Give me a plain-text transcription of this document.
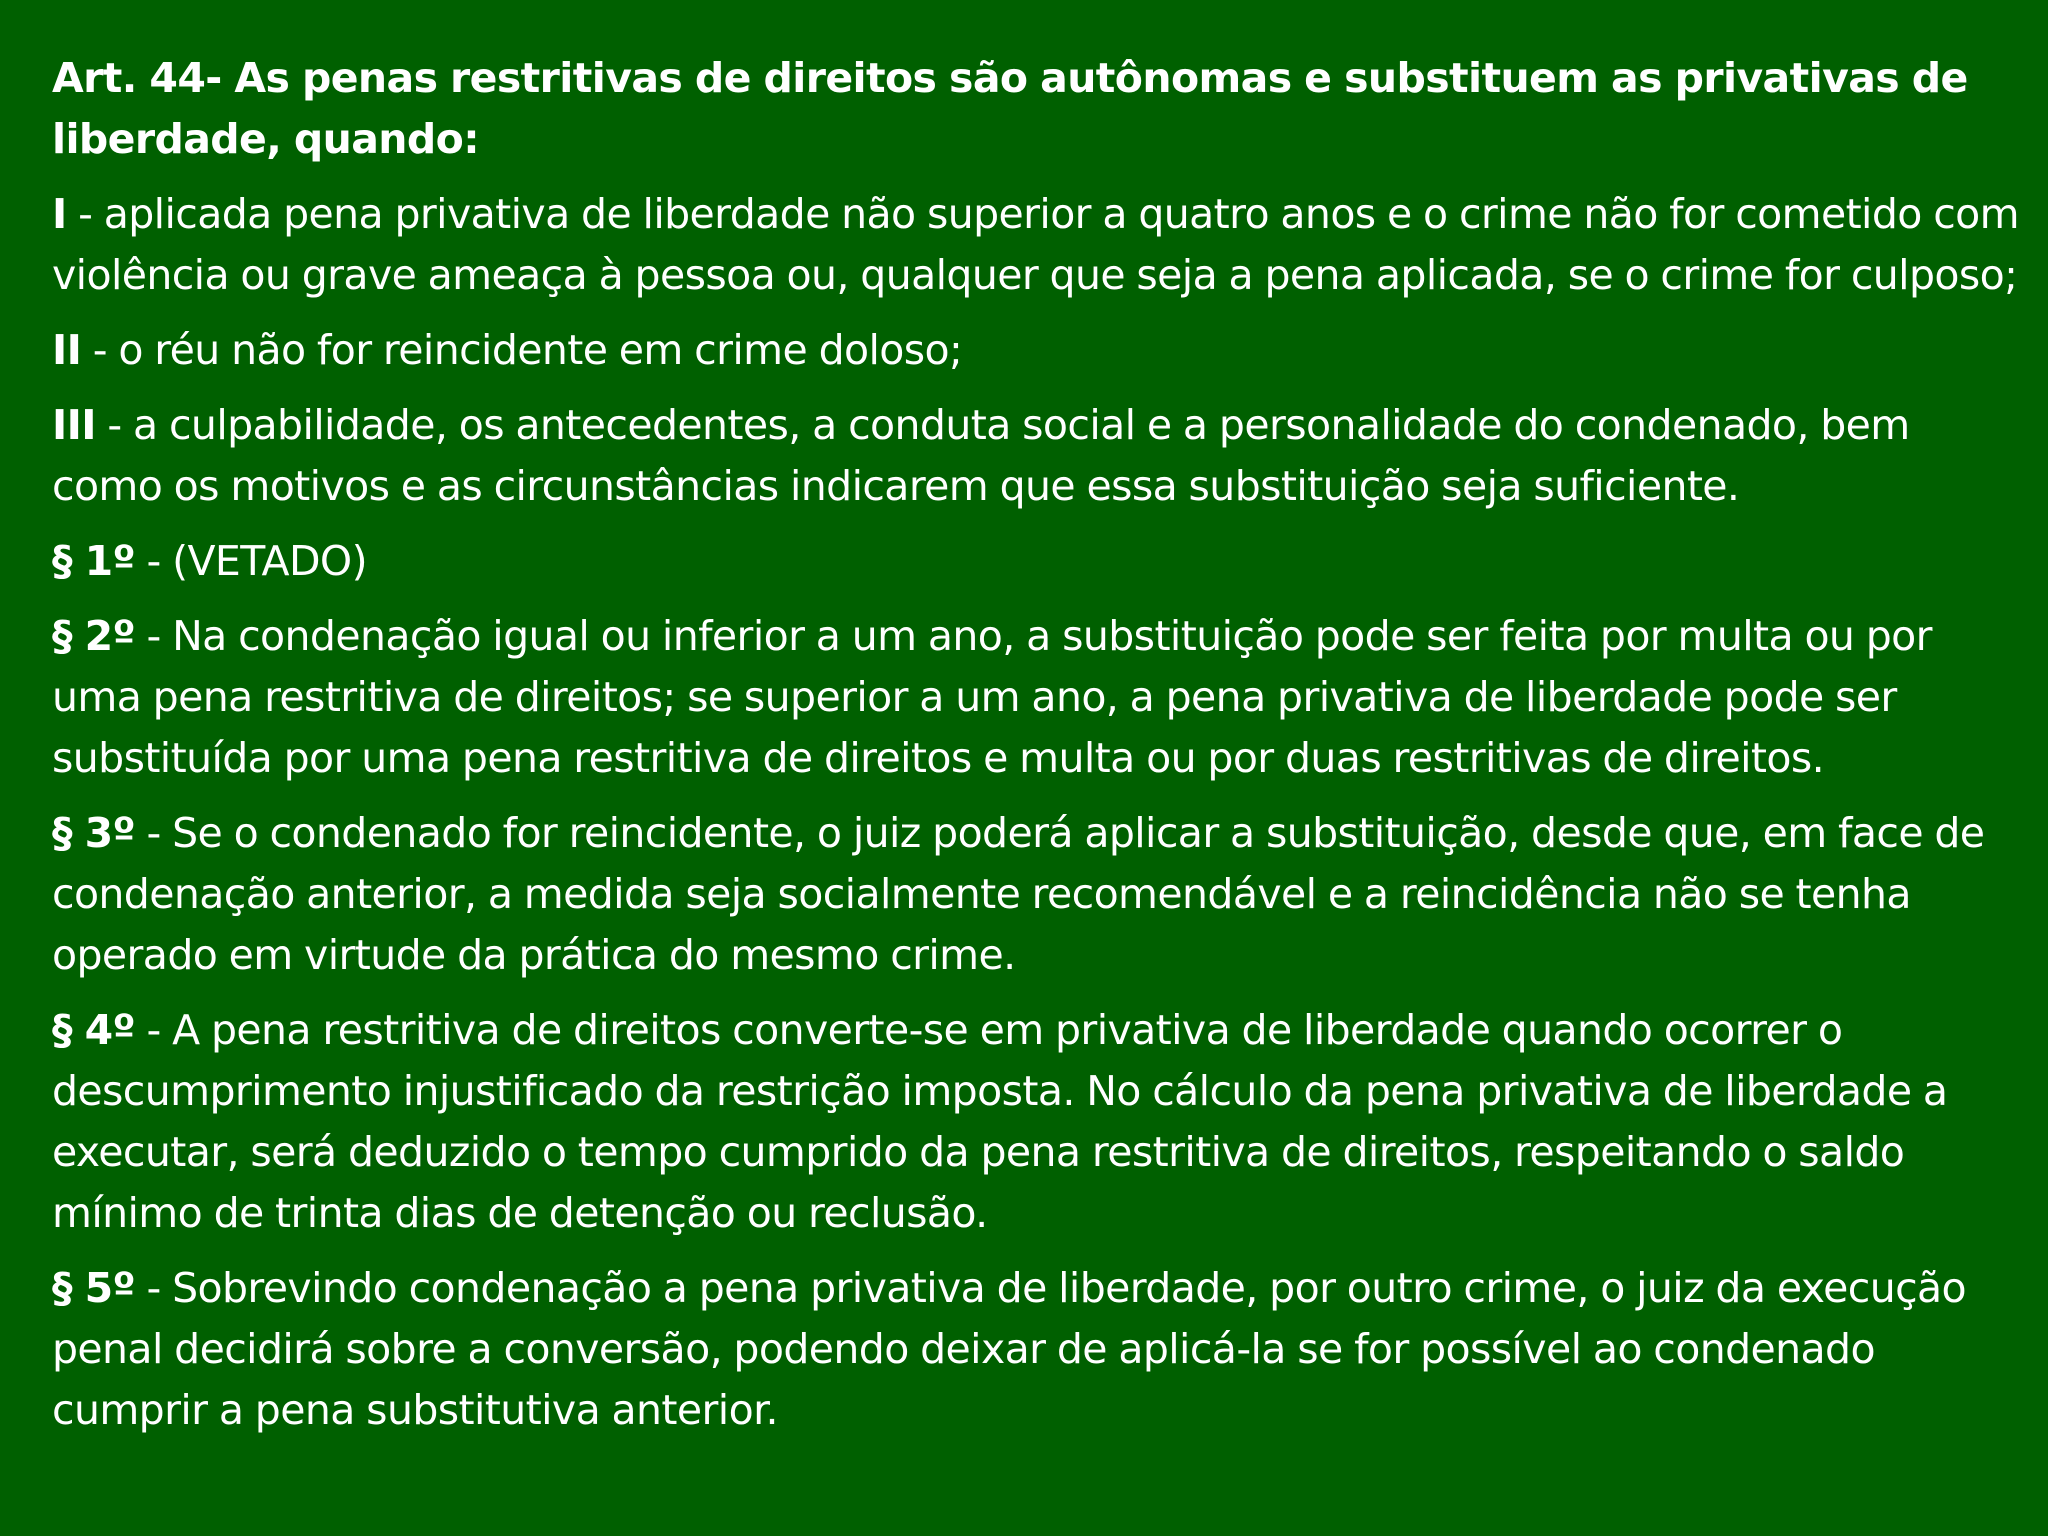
Art. 44- As penas restritivas de direitos são autônomas e substituem as privativas de liberdade, quando:

I - aplicada pena privativa de liberdade não superior a quatro anos e o crime não for cometido com violência ou grave ameaça à pessoa ou, qualquer que seja a pena aplicada, se o crime for culposo;

II - o réu não for reincidente em crime doloso;

III - a culpabilidade, os antecedentes, a conduta social e a personalidade do condenado, bem como os motivos e as circunstâncias indicarem que essa substituição seja suficiente.

§ 1º - (VETADO)

§ 2º - Na condenação igual ou inferior a um ano, a substituição pode ser feita por multa ou por uma pena restritiva de direitos; se superior a um ano, a pena privativa de liberdade pode ser substituída por uma pena restritiva de direitos e multa ou por duas restritivas de direitos.

§ 3º - Se o condenado for reincidente, o juiz poderá aplicar a substituição, desde que, em face de condenação anterior, a medida seja socialmente recomendável e a reincidência não se tenha operado em virtude da prática do mesmo crime.

§ 4º - A pena restritiva de direitos converte-se em privativa de liberdade quando ocorrer o descumprimento injustificado da restrição imposta. No cálculo da pena privativa de liberdade a executar, será deduzido o tempo cumprido da pena restritiva de direitos, respeitando o saldo mínimo de trinta dias de detenção ou reclusão.

§ 5º - Sobrevindo condenação a pena privativa de liberdade, por outro crime, o juiz da execução penal decidirá sobre a conversão, podendo deixar de aplicá-la se for possível ao condenado cumprir a pena substitutiva anterior.
